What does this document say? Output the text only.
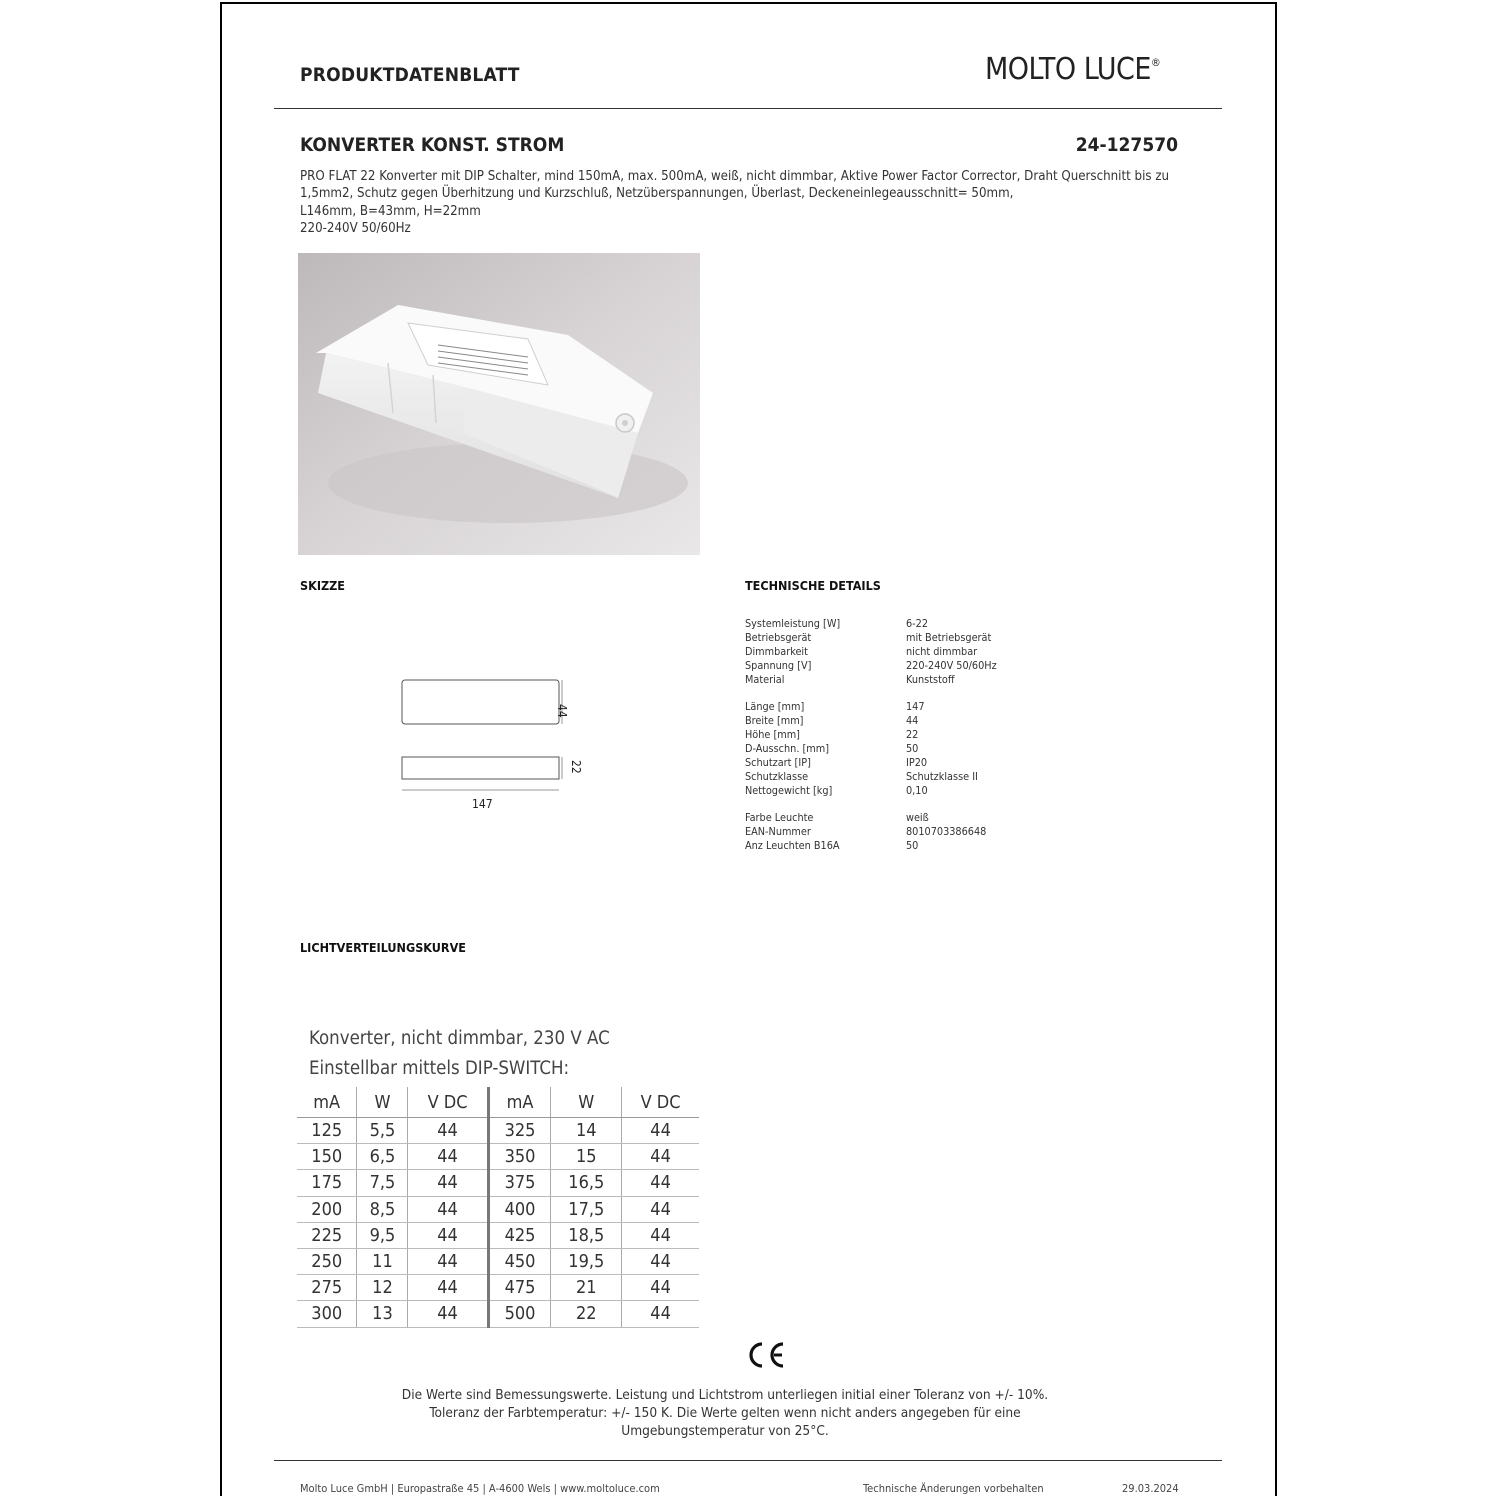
PRODUKTDATENBLATT	MOLTO LUCE®
KONVERTER KONST. STROM	24-127570
PRO FLAT 22 Konverter mit DIP Schalter, mind 150mA, max. 500mA, weiß, nicht dimmbar, Aktive Power Factor Corrector, Draht Querschnitt bis zu
1,5mm2, Schutz gegen Überhitzung und Kurzschluß, Netzüberspannungen, Überlast, Deckeneinlegeausschnitt= 50mm,
L146mm, B=43mm, H=22mm
220-240V 50/60Hz
SKIZZE	TECHNISCHE DETAILS
44
22
147
Systemleistung [W]	6-22
Betriebsgerät	mit Betriebsgerät
Dimmbarkeit	nicht dimmbar
Spannung [V]	220-240V 50/60Hz
Material	Kunststoff
Länge [mm]	147
Breite [mm]	44
Höhe [mm]	22
D-Ausschn. [mm]	50
Schutzart [IP]	IP20
Schutzklasse	Schutzklasse II
Nettogewicht [kg]	0,10
Farbe Leuchte	weiß
EAN-Nummer	8010703386648
Anz Leuchten B16A	50
LICHTVERTEILUNGSKURVE
Konverter, nicht dimmbar, 230 V AC
Einstellbar mittels DIP-SWITCH:
mA	W	V DC	mA	W	V DC
125	5,5	44	325	14	44
150	6,5	44	350	15	44
175	7,5	44	375	16,5	44
200	8,5	44	400	17,5	44
225	9,5	44	425	18,5	44
250	11	44	450	19,5	44
275	12	44	475	21	44
300	13	44	500	22	44
Die Werte sind Bemessungswerte. Leistung und Lichtstrom unterliegen initial einer Toleranz von +/- 10%.
Toleranz der Farbtemperatur: +/- 150 K. Die Werte gelten wenn nicht anders angegeben für eine
Umgebungstemperatur von 25°C.
Molto Luce GmbH | Europastraße 45 | A-4600 Wels | www.moltoluce.com	Technische Änderungen vorbehalten	29.03.2024
